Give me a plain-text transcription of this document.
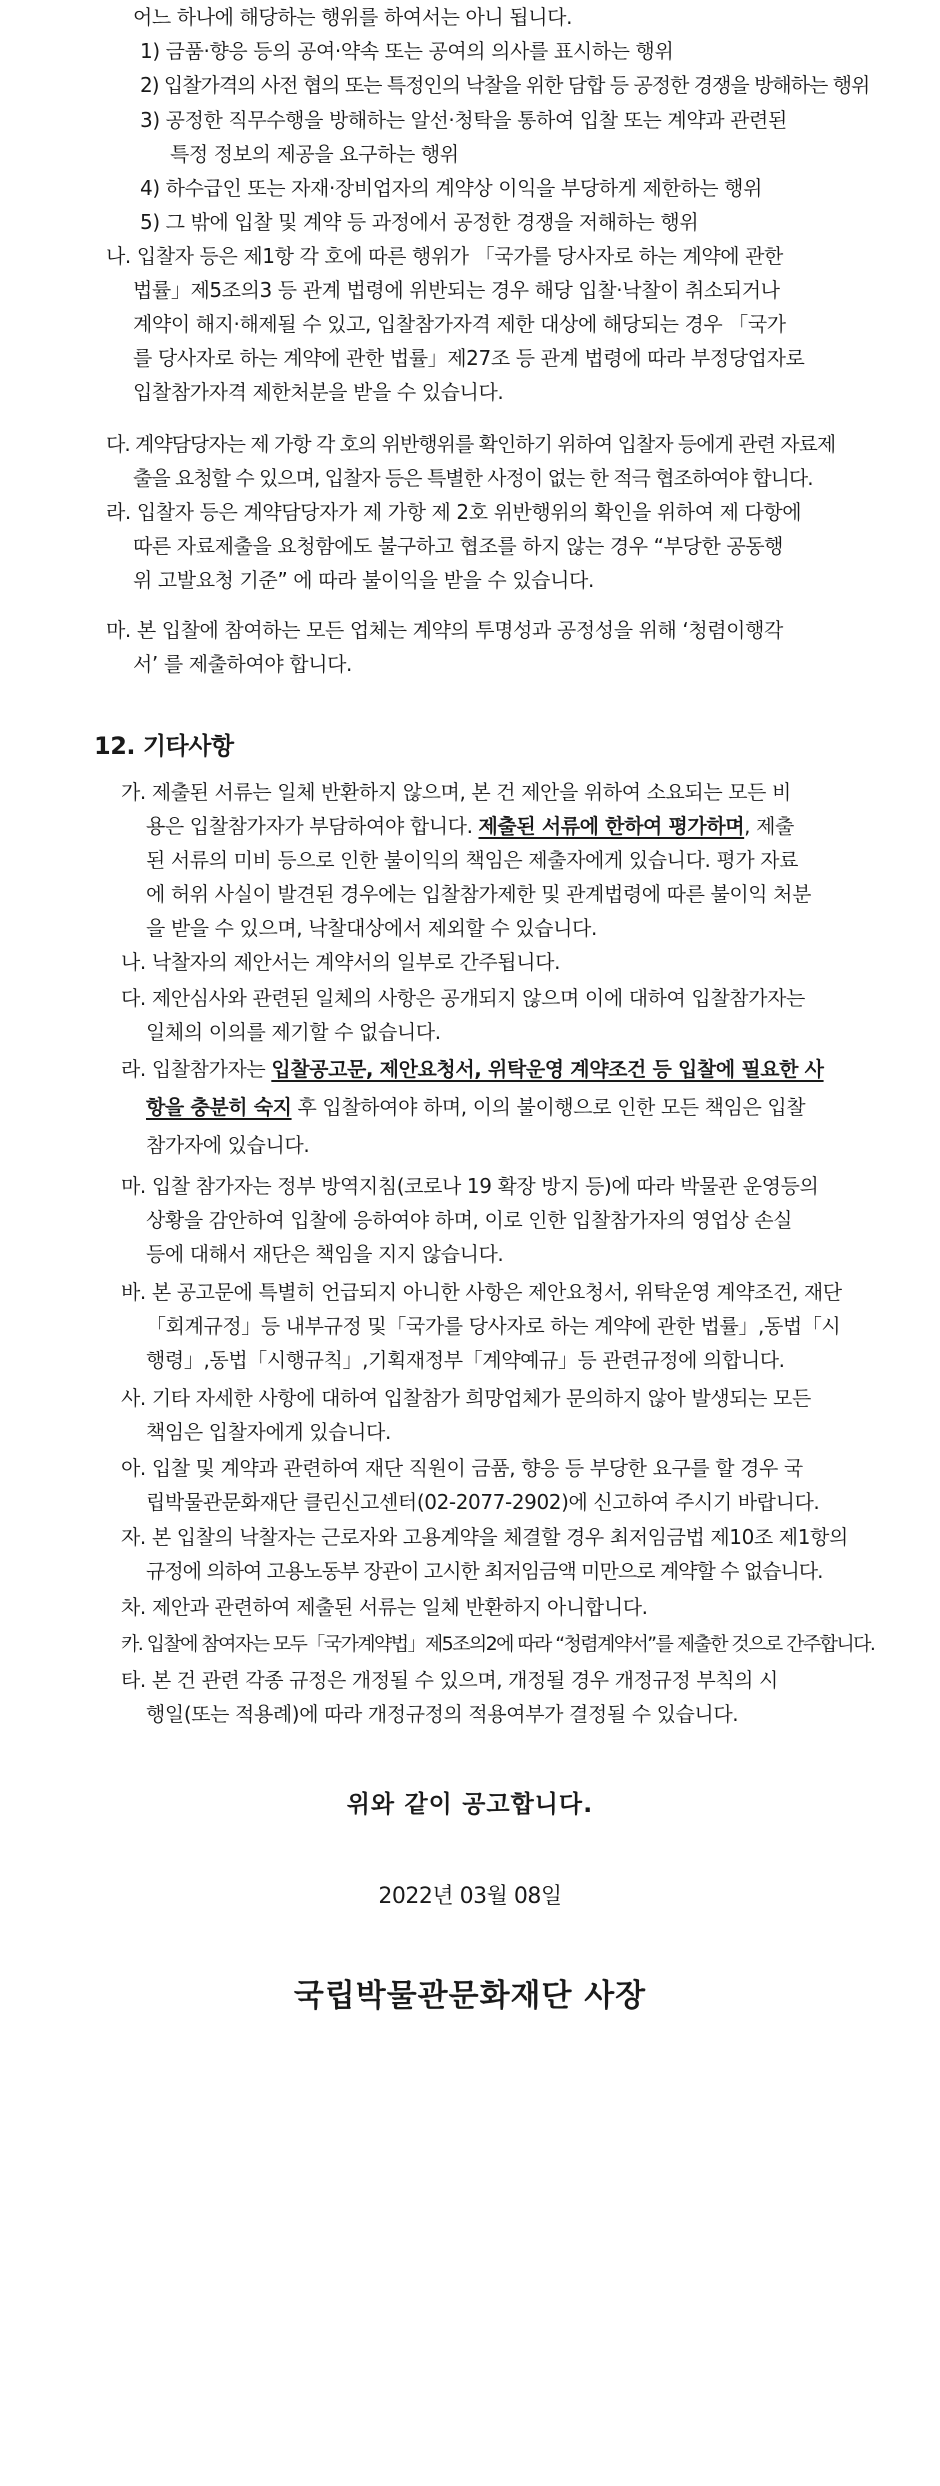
어느 하나에 해당하는 행위를 하여서는 아니 됩니다.
1) 금품·향응 등의 공여·약속 또는 공여의 의사를 표시하는 행위
2) 입찰가격의 사전 협의 또는 특정인의 낙찰을 위한 담합 등 공정한 경쟁을 방해하는 행위
3) 공정한 직무수행을 방해하는 알선·청탁을 통하여 입찰 또는 계약과 관련된
특정 정보의 제공을 요구하는 행위
4) 하수급인 또는 자재·장비업자의 계약상 이익을 부당하게 제한하는 행위
5) 그 밖에 입찰 및 계약 등 과정에서 공정한 경쟁을 저해하는 행위
나. 입찰자 등은 제1항 각 호에 따른 행위가 「국가를 당사자로 하는 계약에 관한
법률」제5조의3 등 관계 법령에 위반되는 경우 해당 입찰·낙찰이 취소되거나
계약이 해지·해제될 수 있고, 입찰참가자격 제한 대상에 해당되는 경우 「국가
를 당사자로 하는 계약에 관한 법률」제27조 등 관계 법령에 따라 부정당업자로
입찰참가자격 제한처분을 받을 수 있습니다.
다. 계약담당자는 제 가항 각 호의 위반행위를 확인하기 위하여 입찰자 등에게 관련 자료제
출을 요청할 수 있으며, 입찰자 등은 특별한 사정이 없는 한 적극 협조하여야 합니다.
라. 입찰자 등은 계약담당자가 제 가항 제 2호 위반행위의 확인을 위하여 제 다항에
따른 자료제출을 요청함에도 불구하고 협조를 하지 않는 경우 “부당한 공동행
위 고발요청 기준” 에 따라 불이익을 받을 수 있습니다.
마. 본 입찰에 참여하는 모든 업체는 계약의 투명성과 공정성을 위해 ‘청렴이행각
서’ 를 제출하여야 합니다.
12. 기타사항
가. 제출된 서류는 일체 반환하지 않으며, 본 건 제안을 위하여 소요되는 모든 비
용은 입찰참가자가 부담하여야 합니다. 제출된 서류에 한하여 평가하며, 제출
된 서류의 미비 등으로 인한 불이익의 책임은 제출자에게 있습니다. 평가 자료
에 허위 사실이 발견된 경우에는 입찰참가제한 및 관계법령에 따른 불이익 처분
을 받을 수 있으며, 낙찰대상에서 제외할 수 있습니다.
나. 낙찰자의 제안서는 계약서의 일부로 간주됩니다.
다. 제안심사와 관련된 일체의 사항은 공개되지 않으며 이에 대하여 입찰참가자는
일체의 이의를 제기할 수 없습니다.
라. 입찰참가자는 입찰공고문, 제안요청서, 위탁운영 계약조건 등 입찰에 필요한 사
항을 충분히 숙지 후 입찰하여야 하며, 이의 불이행으로 인한 모든 책임은 입찰
참가자에 있습니다.
마. 입찰 참가자는 정부 방역지침(코로나 19 확장 방지 등)에 따라 박물관 운영등의
상황을 감안하여 입찰에 응하여야 하며, 이로 인한 입찰참가자의 영업상 손실
등에 대해서 재단은 책임을 지지 않습니다.
바. 본 공고문에 특별히 언급되지 아니한 사항은 제안요청서, 위탁운영 계약조건, 재단
「회계규정」등 내부규정 및「국가를 당사자로 하는 계약에 관한 법률」,동법「시
행령」,동법「시행규칙」,기획재정부「계약예규」등 관련규정에 의합니다.
사. 기타 자세한 사항에 대하여 입찰참가 희망업체가 문의하지 않아 발생되는 모든
책임은 입찰자에게 있습니다.
아. 입찰 및 계약과 관련하여 재단 직원이 금품, 향응 등 부당한 요구를 할 경우 국
립박물관문화재단 클린신고센터(02-2077-2902)에 신고하여 주시기 바랍니다.
자. 본 입찰의 낙찰자는 근로자와 고용계약을 체결할 경우 최저임금법 제10조 제1항의
규정에 의하여 고용노동부 장관이 고시한 최저임금액 미만으로 계약할 수 없습니다.
차. 제안과 관련하여 제출된 서류는 일체 반환하지 아니합니다.
카. 입찰에 참여자는 모두「국가계약법」제5조의2에 따라 “청렴계약서”를 제출한 것으로 간주합니다.
타. 본 건 관련 각종 규정은 개정될 수 있으며, 개정될 경우 개정규정 부칙의 시
행일(또는 적용례)에 따라 개정규정의 적용여부가 결정될 수 있습니다.
위와 같이 공고합니다.
2022년 03월 08일
국립박물관문화재단 사장
